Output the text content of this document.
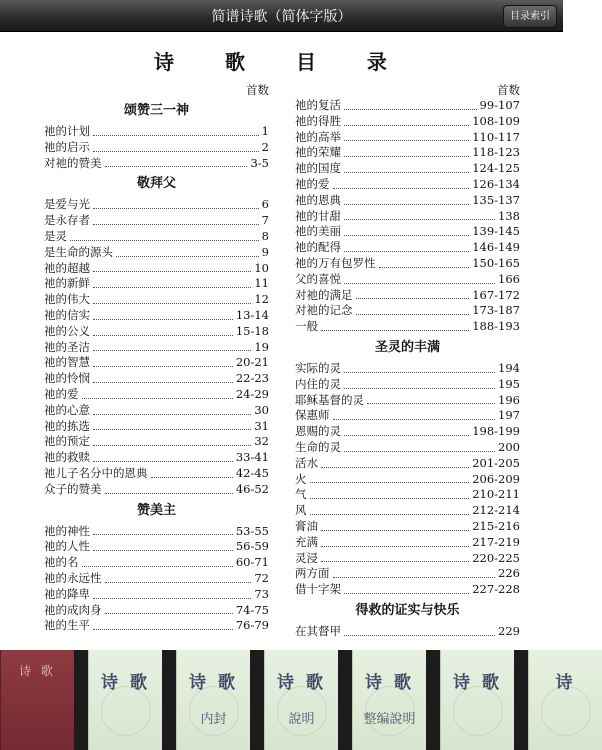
简谱诗歌（简体字版）	目录索引
诗 歌 目 录
首数
颂赞三一神
祂的计划	1
祂的启示	2
对祂的赞美	3-5
敬拜父
是爱与光	6
是永存者	7
是灵	8
是生命的源头	9
祂的超越	10
祂的新鲜	11
祂的伟大	12
祂的信实	13-14
祂的公义	15-18
祂的圣洁	19
祂的智慧	20-21
祂的怜悯	22-23
祂的爱	24-29
祂的心意	30
祂的拣选	31
祂的预定	32
祂的救赎	33-41
祂儿子名分中的恩典	42-45
众子的赞美	46-52
赞美主
祂的神性	53-55
祂的人性	56-59
祂的名	60-71
祂的永远性	72
祂的降卑	73
祂的成肉身	74-75
祂的生平	76-79
首数
祂的复活	99-107
祂的得胜	108-109
祂的高举	110-117
祂的荣耀	118-123
祂的国度	124-125
祂的爱	126-134
祂的恩典	135-137
祂的甘甜	138
祂的美丽	139-145
祂的配得	146-149
祂的万有包罗性	150-165
父的喜悦	166
对祂的满足	167-172
对祂的记念	173-187
一般	188-193
圣灵的丰满
实际的灵	194
内住的灵	195
耶稣基督的灵	196
保惠师	197
恩赐的灵	198-199
生命的灵	200
活水	201-205
火	206-209
气	210-211
风	212-214
膏油	215-216
充满	217-219
灵浸	220-225
两方面	226
借十字架	227-228
得救的证实与快乐
在其督甲	229
诗 歌
诗 歌	诗 歌
内封
诗 歌
說明
诗 歌
整编說明
诗 歌	诗
